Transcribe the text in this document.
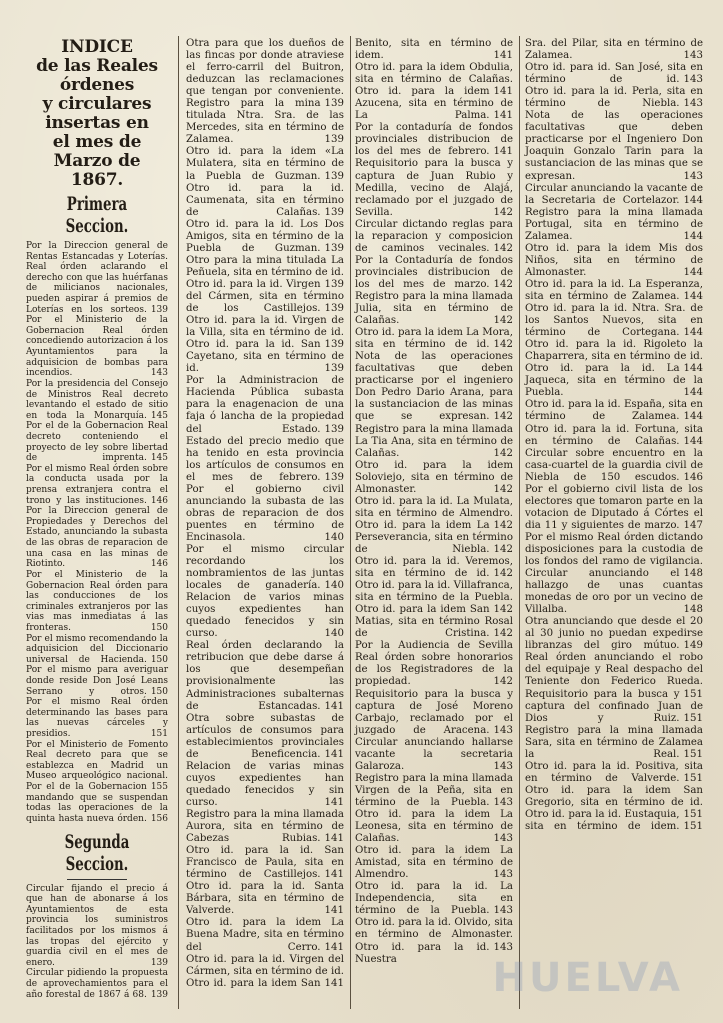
INDICE

de las Reales órdenes

y circulares insertas en

el mes de Marzo de

1867.

Primera Seccion.

Por la Direccion general de Rentas Estancadas y Loterías. Real órden aclarando el derecho con que las huérfanas de milicianos nacionales, pueden aspirar á premios de Loterías en los sorteos. 139

Por el Ministerio de la Gobernacion Real órden concediendo autorizacion á los Ayuntamientos para la adquisicion de bombas para incendios.	143

Por la presidencia del Consejo de Ministros Real decreto levantando el estado de sitio en toda la Monarquía. 145

Por el de la Gobernacion Real decreto conteniendo el proyecto de ley sobre libertad de imprenta. 145

Por el mismo Real órden sobre la conducta usada por la prensa extranjera contra el trono y las instituciones. 146

Por la Direccion general de Propiedades y Derechos del Estado, anunciando la subasta de las obras de reparacion de una casa en las minas de Riotinto.	146

Por el Ministerio de la Gobernacion Real órden para las conducciones de los criminales extranjeros por las vias mas inmediatas á las fronteras.	150

Por el mismo recomendando la adquisicion del Diccionario universal de Hacienda. 150

Por el mismo para averiguar donde reside Don José Leans Serrano y otros. 150

Por el mismo Real órden determinando las bases para las nuevas cárceles y presidios.	151

Por el Ministerio de Fomento Real decreto para que se establezca en Madrid un Museo arqueológico nacional.
155

Por el de la Gobernacion mandando que se suspendan todas las operaciones de la quinta hasta nueva órden. 156

Segunda Seccion.

Circular fijando el precio á que han de abonarse á los Ayuntamientos de esta provincia los suministros facilitados por los mismos á las tropas del ejército y guardia civil en el mes de enero.	139

Circular pidiendo la propuesta de aprovechamientos para el año forestal de 1867 á 68. 139

Otra para que los dueños de las fincas por donde atraviese el ferro-carril del Buitron, deduzcan las reclamaciones que tengan por conveniente.
139

Registro para la mina titulada Ntra. Sra. de las Mercedes, sita en término de Zalamea.	139

Otro id. para la idem «La Mulatera, sita en término de la Puebla de Guzman. 139

Otro id. para la id. Caumenata, sita en término de Calañas. 139

Otro id. para la id. Los Dos Amigos, sita en término de la Puebla de Guzman. 139

Otro para la mina titulada La Peñuela, sita en término de id.
139

Otro id. para la id. Virgen del Cármen, sita en término de los Castillejos. 139

Otro id. para la id. Virgen de la Villa, sita en término de id.
139

Otro id. para la id. San Cayetano, sita en término de id.	139

Por la Administracion de Hacienda Pública subasta para la enagenacion de una faja ó lancha de la propiedad del Estado. 139

Estado del precio medio que ha tenido en esta provincia los artículos de consumos en el mes de febrero. 139

Por el gobierno civil anunciando la subasta de las obras de reparacion de dos puentes en término de Encinasola.	140

Por el mismo circular recordando los nombramientos de las juntas locales de ganadería. 140

Relacion de varios minas cuyos expedientes han quedado fenecidos y sin curso.	140

Real órden declarando la retribucion que debe darse á los que desempeñan provisionalmente las Administraciones subalternas de Estancadas. 141

Otra sobre subastas de artículos de consumos para establecimientos provinciales de Beneficencia. 141

Relacion de varias minas cuyos expedientes han quedado fenecidos y sin curso.	141

Registro para la mina llamada Aurora, sita en término de Cabezas Rubias. 141

Otro id. para la id. San Francisco de Paula, sita en término de Castillejos. 141

Otro id. para la id. Santa Bárbara, sita en término de Valverde.	141

Otro id. para la idem La Buena Madre, sita en término del Cerro. 141

Otro id. para la id. Virgen del Cármen, sita en término de id.
141

Otro id. para la idem San

Benito, sita en término de idem.	141

Otro id. para la idem Obdulia, sita en término de Calañas.
141

Otro id. para la idem Azucena, sita en término de La Palma. 141

Por la contaduría de fondos provinciales distribucion de los del mes de febrero. 141

Requisitorio para la busca y captura de Juan Rubio y Medilla, vecino de Alajá, reclamado por el juzgado de Sevilla.	142

Circular dictando reglas para la reparacion y composicion de caminos vecinales. 142

Por la Contaduría de fondos provinciales distribucion de los del mes de marzo. 142

Registro para la mina llamada Julia, sita en término de Calañas.	142

Otro id. para la idem La Mora, sita en término de id. 142

Nota de las operaciones facultativas que deben practicarse por el ingeniero Don Pedro Dario Arana, para la sustanciacion de las minas que se expresan. 142

Registro para la mina llamada La Tia Ana, sita en término de Calañas.	142

Otro id. para la idem Soloviejo, sita en término de Almonaster.	142

Otro id. para la id. La Mulata, sita en término de Almendro.
142

Otro id. para la idem La Perseverancia, sita en término de Niebla. 142

Otro id. para la id. Veremos, sita en término de id. 142

Otro id. para la id. Villafranca, sita en término de la Puebla.
142

Otro id. para la idem San Matias, sita en término Rosal de Cristina. 142

Por la Audiencia de Sevilla Real órden sobre honorarios de los Registradores de la propiedad.	142

Requisitorio para la busca y captura de José Moreno Carbajo, reclamado por el juzgado de Aracena. 143

Circular anunciando hallarse vacante la secretaria Galaroza.	143

Registro para la mina llamada Virgen de la Peña, sita en término de la Puebla. 143

Otro id. para la idem La Leonesa, sita en término de Calañas.	143

Otro id. para la idem La Amistad, sita en término de Almendro.	143

Otro id. para la id. La Independencia, sita en término de la Puebla. 143

Otro id. para la id. Olvido, sita en término de Almonaster.
143

Otro id. para la id. Nuestra

Sra. del Pilar, sita en término de Zalamea.	143

Otro id. para id. San José, sita en término de id. 143

Otro id. para la id. Perla, sita en término de Niebla. 143

Nota de las operaciones facultativas que deben practicarse por el Ingeniero Don Joaquin Gonzalo Tarin para la sustanciacion de las minas que se expresan.	143

Circular anunciando la vacante de la Secretaria de Cortelazor. 144

Registro para la mina llamada Portugal, sita en término de Zalamea.	144

Otro id. para la idem Mis dos Niños, sita en término de Almonaster.	144

Otro id. para la id. La Esperanza, sita en término de Zalamea. 144

Otro id. para la id. Ntra. Sra. de los Santos Nuevos, sita en término de Cortegana. 144

Otro id. para la id. Rigoleto la Chaparrera, sita en término de id.
144

Otro id. para la id. La Jaqueca, sita en término de la Puebla.	144

Otro id. para la id. España, sita en término de Zalamea. 144

Otro id. para la id. Fortuna, sita en término de Calañas. 144

Circular sobre encuentro en la casa-cuartel de la guardia civil de Niebla de 150 escudos. 146

Por el gobierno civil lista de los electores que tomaron parte en la votacion de Diputado á Córtes el dia 11 y siguientes de marzo. 147

Por el mismo Real órden dictando disposiciones para la custodia de los fondos del ramo de vigilancia.
148

Circular anunciando el hallazgo de unas cuantas monedas de oro por un vecino de Villalba.	148

Otra anunciando que desde el 20 al 30 junio no puedan expedirse libranzas del giro mútuo. 149

Real órden anunciando el robo del equipaje y Real despacho del Teniente don Federico Rueda.
151

Requisitorio para la busca y captura del confinado Juan de Dios y Ruiz. 151

Registro para la mina llamada Sara, sita en término de Zalamea la Real. 151

Otro id. para la id. Positiva, sita en término de Valverde. 151

Otro id. para la idem San Gregorio, sita en término de id.
151

Otro id. para la id. Eustaquia, sita en término de idem. 151

HUELVA
